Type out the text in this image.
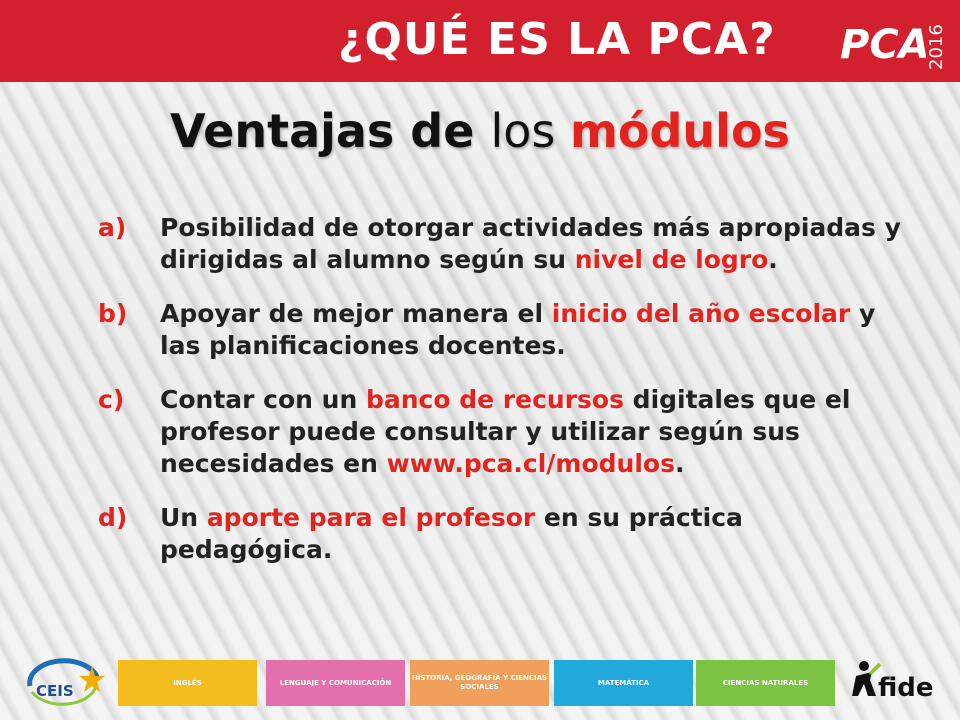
¿QUÉ ES LA PCA? PCA
2016
Ventajas de los módulos
a) Posibilidad de otorgar actividades más apropiadas y dirigidas al alumno según su nivel de logro.
b) Apoyar de mejor manera el inicio del año escolar y las planificaciones docentes.
c) Contar con un banco de recursos digitales que el profesor puede consultar y utilizar según sus necesidades en www.pca.cl/modulos.
d) Un aporte para el profesor en su práctica pedagógica.
CEIS	INGLÉS	LENGUAJE Y COMUNICACIÓN
HISTORIA, GEOGRAFÍA Y CIENCIAS SOCIALES
MATEMÁTICA	CIENCIAS NATURALES	fide
